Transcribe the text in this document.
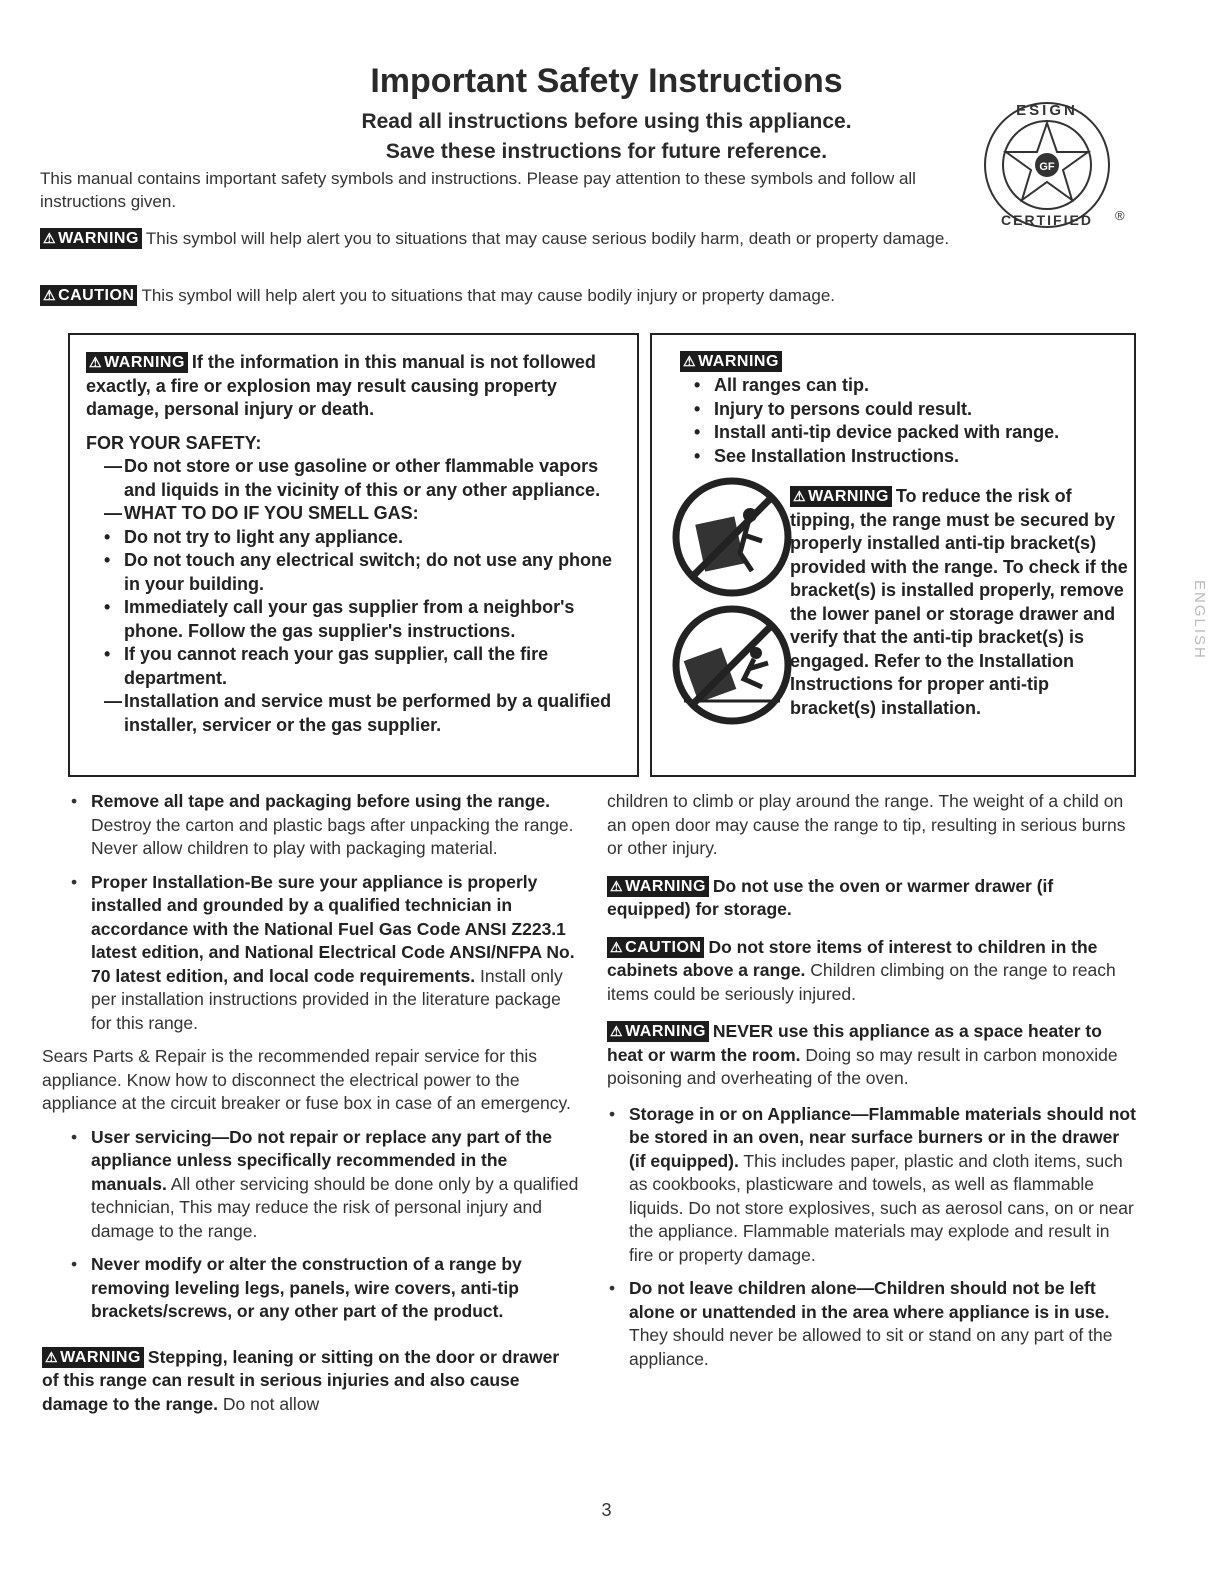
Important Safety Instructions
Read all instructions before using this appliance.
Save these instructions for future reference.
This manual contains important safety symbols and instructions. Please pay attention to these symbols and follow all instructions given.
⚠ WARNING This symbol will help alert you to situations that may cause serious bodily harm, death or property damage.
⚠ CAUTION This symbol will help alert you to situations that may cause bodily injury or property damage.
GF
ESIGN
CERTIFIED ®
⚠ WARNING If the information in this manual is not followed exactly, a fire or explosion may result causing property damage, personal injury or death.
FOR YOUR SAFETY:
— Do not store or use gasoline or other flammable vapors and liquids in the vicinity of this or any other appliance.
— WHAT TO DO IF YOU SMELL GAS:
• Do not try to light any appliance.
• Do not touch any electrical switch; do not use any phone in your building.
• Immediately call your gas supplier from a neighbor's phone. Follow the gas supplier's instructions.
• If you cannot reach your gas supplier, call the fire department.
— Installation and service must be performed by a qualified installer, servicer or the gas supplier.
⚠ WARNING
• All ranges can tip.
• Injury to persons could result.
• Install anti-tip device packed with range.
• See Installation Instructions.
⚠ WARNING To reduce the risk of tipping, the range must be secured by properly installed anti-tip bracket(s) provided with the range. To check if the bracket(s) is installed properly, remove the lower panel or storage drawer and verify that the anti-tip bracket(s) is engaged. Refer to the Installation Instructions for proper anti-tip bracket(s) installation.
• Remove all tape and packaging before using the range. Destroy the carton and plastic bags after unpacking the range. Never allow children to play with packaging material.
• Proper Installation-Be sure your appliance is properly installed and grounded by a qualified technician in accordance with the National Fuel Gas Code ANSI Z223.1 latest edition, and National Electrical Code ANSI/NFPA No. 70 latest edition, and local code requirements. Install only per installation instructions provided in the literature package for this range.
Sears Parts & Repair is the recommended repair service for this appliance. Know how to disconnect the electrical power to the appliance at the circuit breaker or fuse box in case of an emergency.
• User servicing—Do not repair or replace any part of the appliance unless specifically recommended in the manuals. All other servicing should be done only by a qualified technician, This may reduce the risk of personal injury and damage to the range.
• Never modify or alter the construction of a range by removing leveling legs, panels, wire covers, anti-tip brackets/screws, or any other part of the product.
⚠ WARNING Stepping, leaning or sitting on the door or drawer of this range can result in serious injuries and also cause damage to the range. Do not allow
children to climb or play around the range. The weight of a child on an open door may cause the range to tip, resulting in serious burns or other injury.
⚠ WARNING Do not use the oven or warmer drawer (if equipped) for storage.
⚠ CAUTION Do not store items of interest to children in the cabinets above a range. Children climbing on the range to reach items could be seriously injured.
⚠ WARNING NEVER use this appliance as a space heater to heat or warm the room. Doing so may result in carbon monoxide poisoning and overheating of the oven.
• Storage in or on Appliance—Flammable materials should not be stored in an oven, near surface burners or in the drawer (if equipped). This includes paper, plastic and cloth items, such as cookbooks, plasticware and towels, as well as flammable liquids. Do not store explosives, such as aerosol cans, on or near the appliance. Flammable materials may explode and result in fire or property damage.
• Do not leave children alone—Children should not be left alone or unattended in the area where appliance is in use. They should never be allowed to sit or stand on any part of the appliance.
ENGLISH
3
